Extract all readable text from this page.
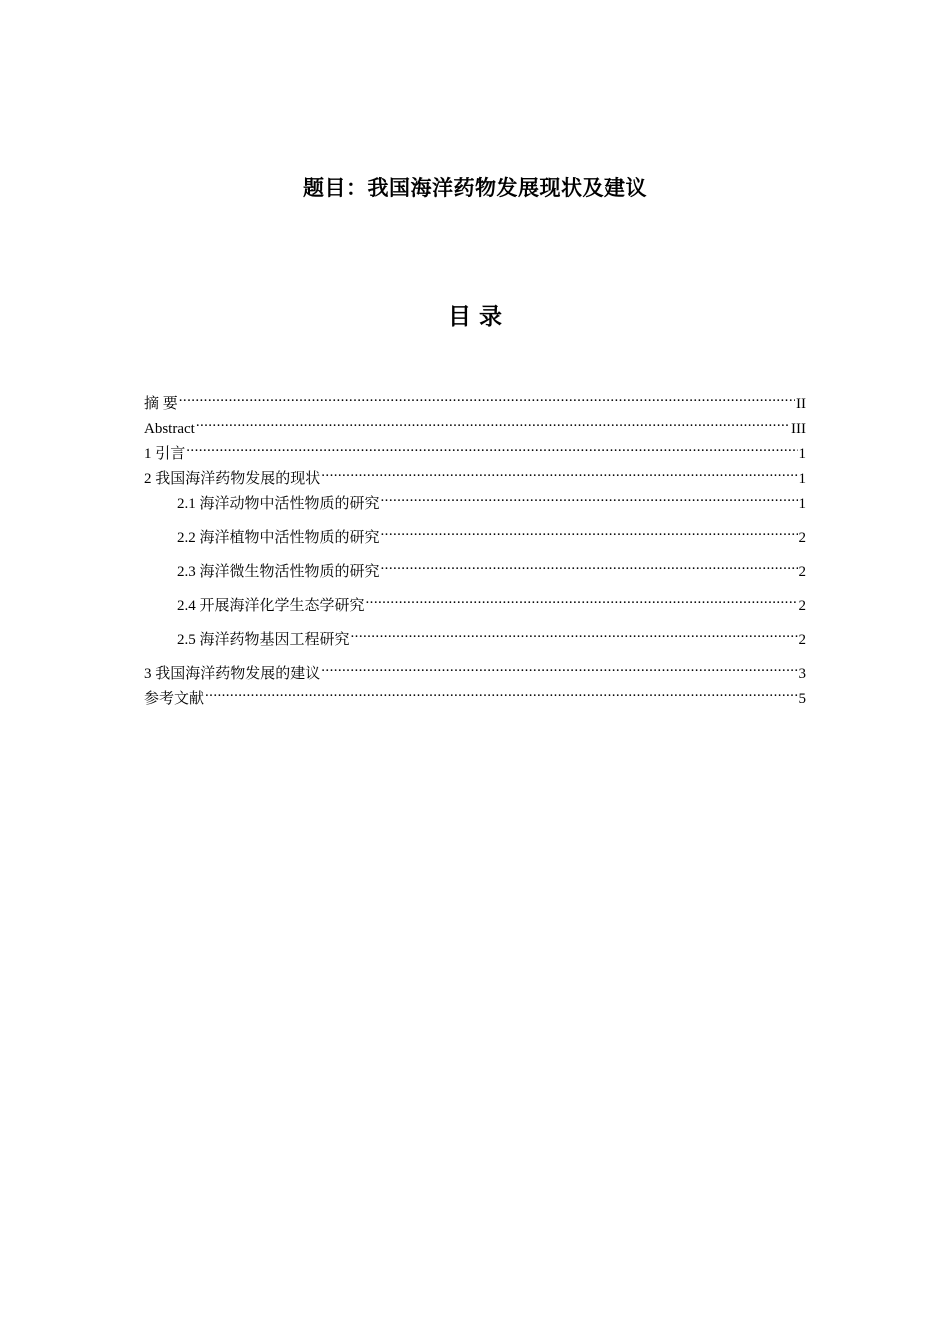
题目：我国海洋药物发展现状及建议
目 录
摘 要 .....	II
Abstract .....	III
1 引言 .....	1
2 我国海洋药物发展的现状 .....	1
2.1 海洋动物中活性物质的研究 .....	1
2.2 海洋植物中活性物质的研究 .....	2
2.3 海洋微生物活性物质的研究 .....	2
2.4 开展海洋化学生态学研究 .....	2
2.5 海洋药物基因工程研究 .....	2
3 我国海洋药物发展的建议 .....	3
参考文献 .....	5
